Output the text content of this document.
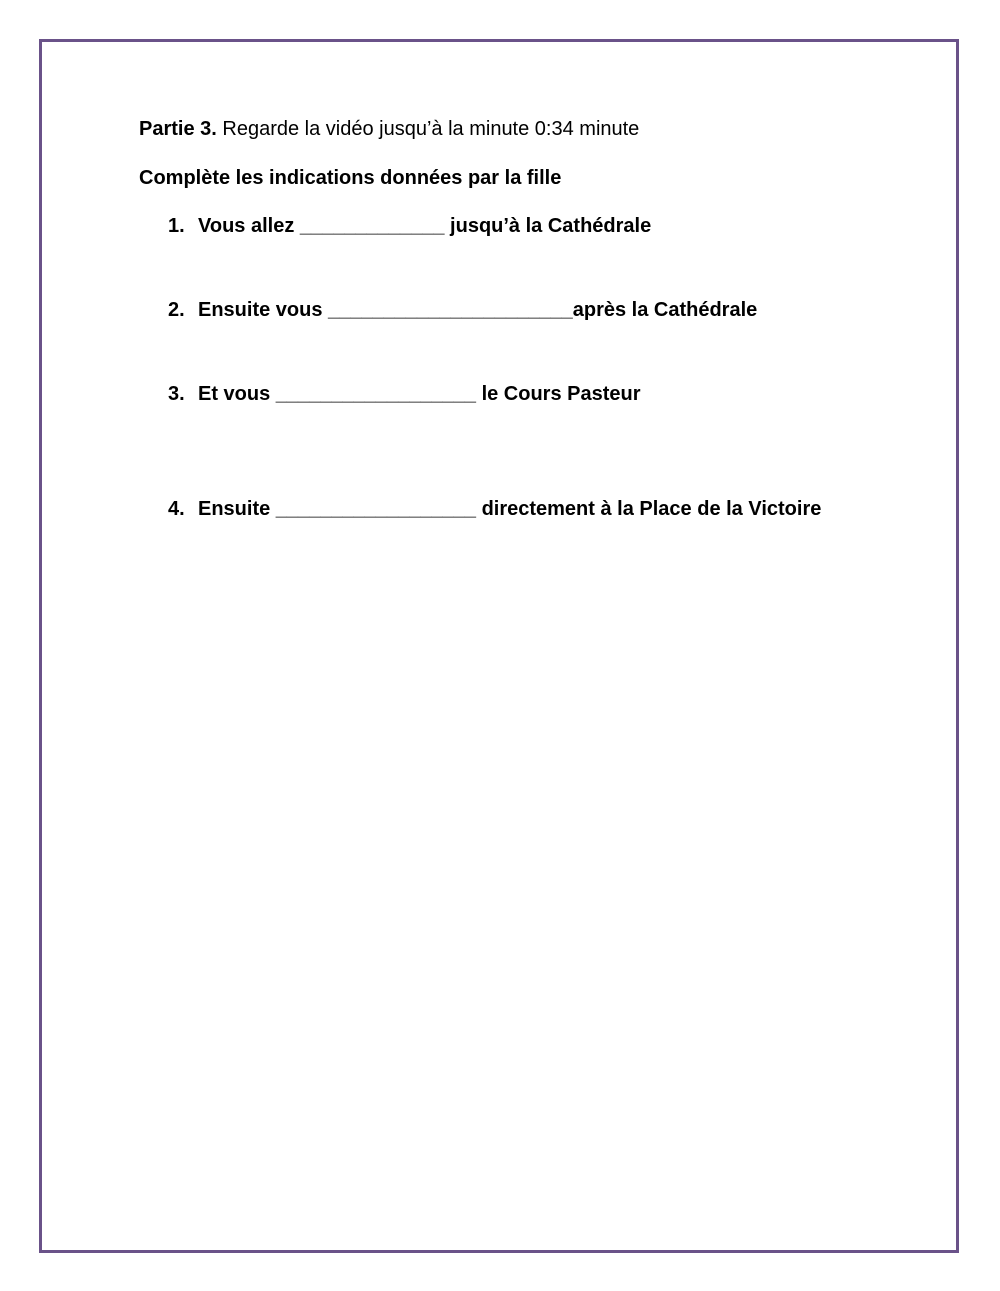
Partie 3. Regarde la vidéo jusqu’à la minute 0:34 minute
Complète les indications données par la fille
1. Vous allez _____________ jusqu’à la Cathédrale
2. Ensuite vous ______________________après la Cathédrale
3. Et vous __________________ le Cours Pasteur
4. Ensuite __________________ directement à la Place de la Victoire
